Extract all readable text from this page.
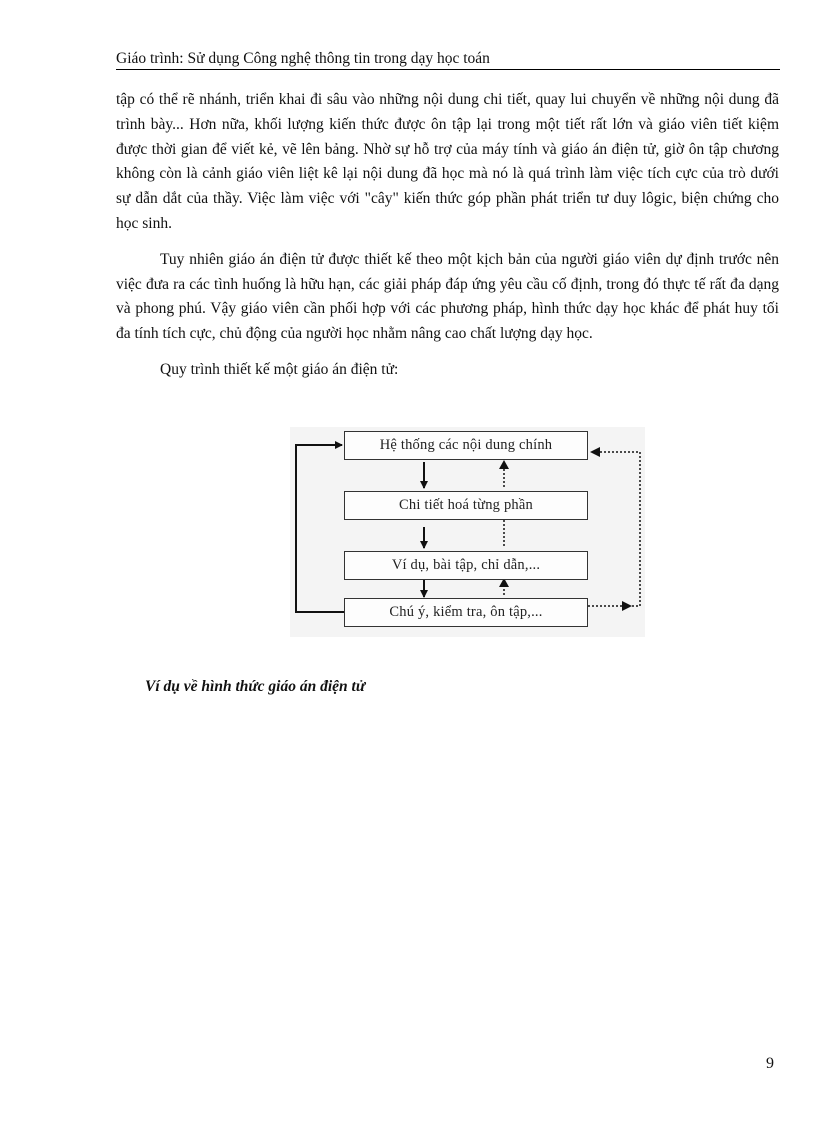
Giáo trình: Sử dụng Công nghệ thông tin trong dạy học toán

tập có thể rẽ nhánh, triển khai đi sâu vào những nội dung chi tiết, quay lui chuyển về những nội dung đã trình bày... Hơn nữa, khối lượng kiến thức được ôn tập lại trong một tiết rất lớn và giáo viên tiết kiệm được thời gian để viết kẻ, vẽ lên bảng. Nhờ sự hỗ trợ của máy tính và giáo án điện tử, giờ ôn tập chương không còn là cảnh giáo viên liệt kê lại nội dung đã học mà nó là quá trình làm việc tích cực của trò dưới sự dẫn dắt của thầy. Việc làm việc với "cây" kiến thức góp phần phát triển tư duy lôgic, biện chứng cho học sinh.

Tuy nhiên giáo án điện tử được thiết kế theo một kịch bản của người giáo viên dự định trước nên việc đưa ra các tình huống là hữu hạn, các giải pháp đáp ứng yêu cầu cố định, trong đó thực tế rất đa dạng và phong phú. Vậy giáo viên cần phối hợp với các phương pháp, hình thức dạy học khác để phát huy tối đa tính tích cực, chủ động của người học nhằm nâng cao chất lượng dạy học.

Quy trình thiết kế một giáo án điện tử:

Hệ thống các nội dung chính
Chi tiết hoá từng phần
Ví dụ, bài tập, chỉ dẫn,...
Chú ý, kiểm tra, ôn tập,...
Ví dụ về hình thức giáo án điện tử
9
